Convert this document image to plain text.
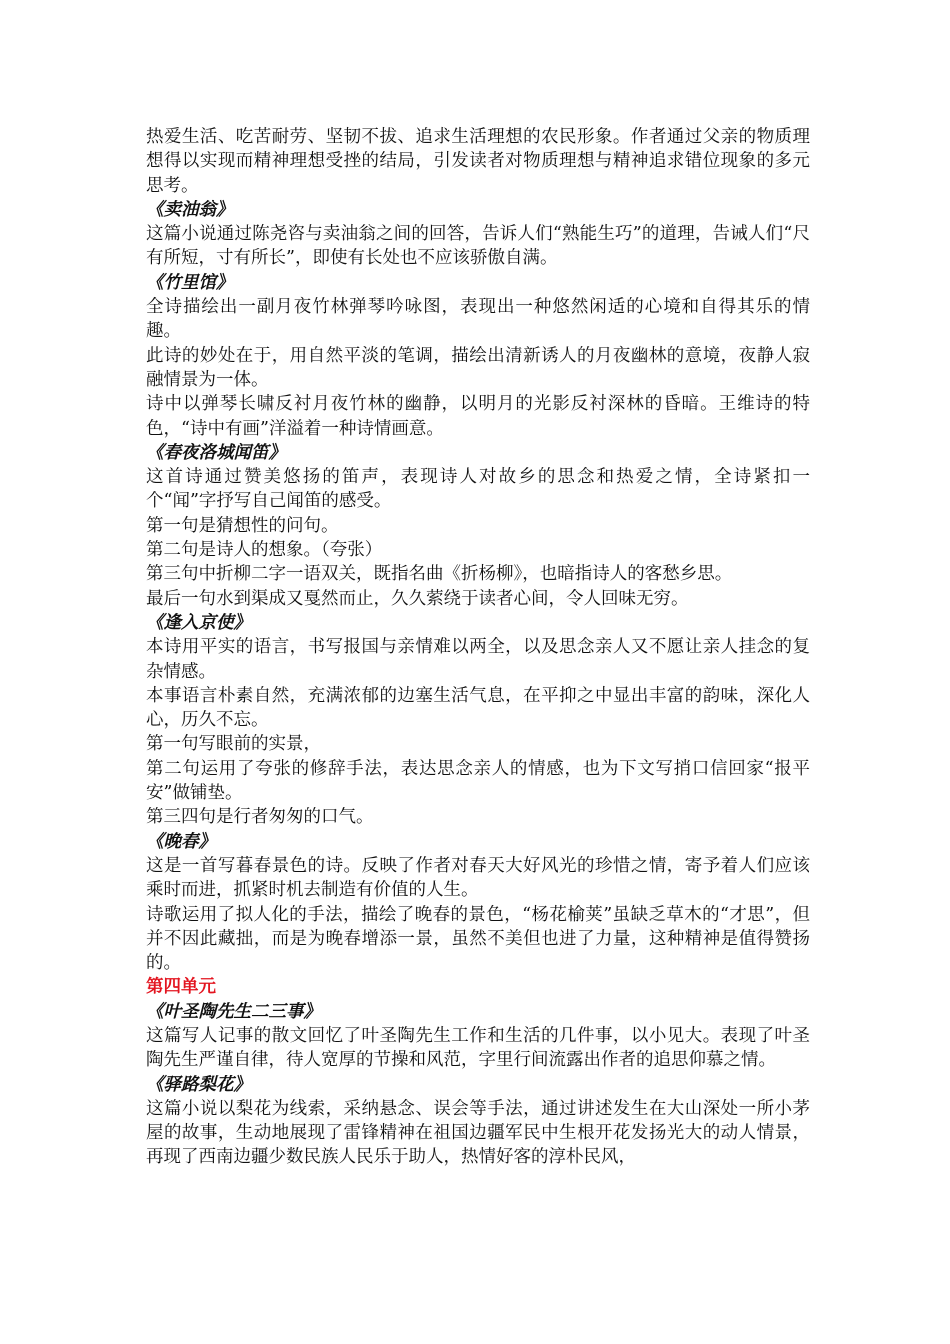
热爱生活、吃苦耐劳、坚韧不拔、追求生活理想的农民形象。作者通过父亲的物质理想得以实现而精神理想受挫的结局，引发读者对物质理想与精神追求错位现象的多元思考。

《卖油翁》

这篇小说通过陈尧咨与卖油翁之间的回答，告诉人们“熟能生巧”的道理，告诫人们“尺有所短，寸有所长”，即使有长处也不应该骄傲自满。

《竹里馆》

全诗描绘出一副月夜竹林弹琴吟咏图，表现出一种悠然闲适的心境和自得其乐的情趣。

此诗的妙处在于，用自然平淡的笔调，描绘出清新诱人的月夜幽林的意境，夜静人寂融情景为一体。

诗中以弹琴长啸反衬月夜竹林的幽静，以明月的光影反衬深林的昏暗。王维诗的特色，“诗中有画”洋溢着一种诗情画意。

《春夜洛城闻笛》

这首诗通过赞美悠扬的笛声，表现诗人对故乡的思念和热爱之情，全诗紧扣一个“闻”字抒写自己闻笛的感受。

第一句是猜想性的问句。

第二句是诗人的想象。（夸张）

第三句中折柳二字一语双关，既指名曲《折杨柳》，也暗指诗人的客愁乡思。

最后一句水到渠成又戛然而止，久久萦绕于读者心间，令人回味无穷。

《逢入京使》

本诗用平实的语言，书写报国与亲情难以两全，以及思念亲人又不愿让亲人挂念的复杂情感。

本事语言朴素自然，充满浓郁的边塞生活气息，在平抑之中显出丰富的韵味，深化人心，历久不忘。

第一句写眼前的实景，

第二句运用了夸张的修辞手法，表达思念亲人的情感，也为下文写捎口信回家“报平安”做铺垫。

第三四句是行者匆匆的口气。

《晚春》

这是一首写暮春景色的诗。反映了作者对春天大好风光的珍惜之情，寄予着人们应该乘时而进，抓紧时机去制造有价值的人生。

诗歌运用了拟人化的手法，描绘了晚春的景色，“杨花榆荚”虽缺乏草木的“才思”，但并不因此藏拙，而是为晚春增添一景，虽然不美但也进了力量，这种精神是值得赞扬的。

第四单元

《叶圣陶先生二三事》

这篇写人记事的散文回忆了叶圣陶先生工作和生活的几件事，以小见大。表现了叶圣陶先生严谨自律，待人宽厚的节操和风范，字里行间流露出作者的追思仰慕之情。

《驿路梨花》

这篇小说以梨花为线索，采纳悬念、误会等手法，通过讲述发生在大山深处一所小茅屋的故事，生动地展现了雷锋精神在祖国边疆军民中生根开花发扬光大的动人情景，再现了西南边疆少数民族人民乐于助人，热情好客的淳朴民风，
